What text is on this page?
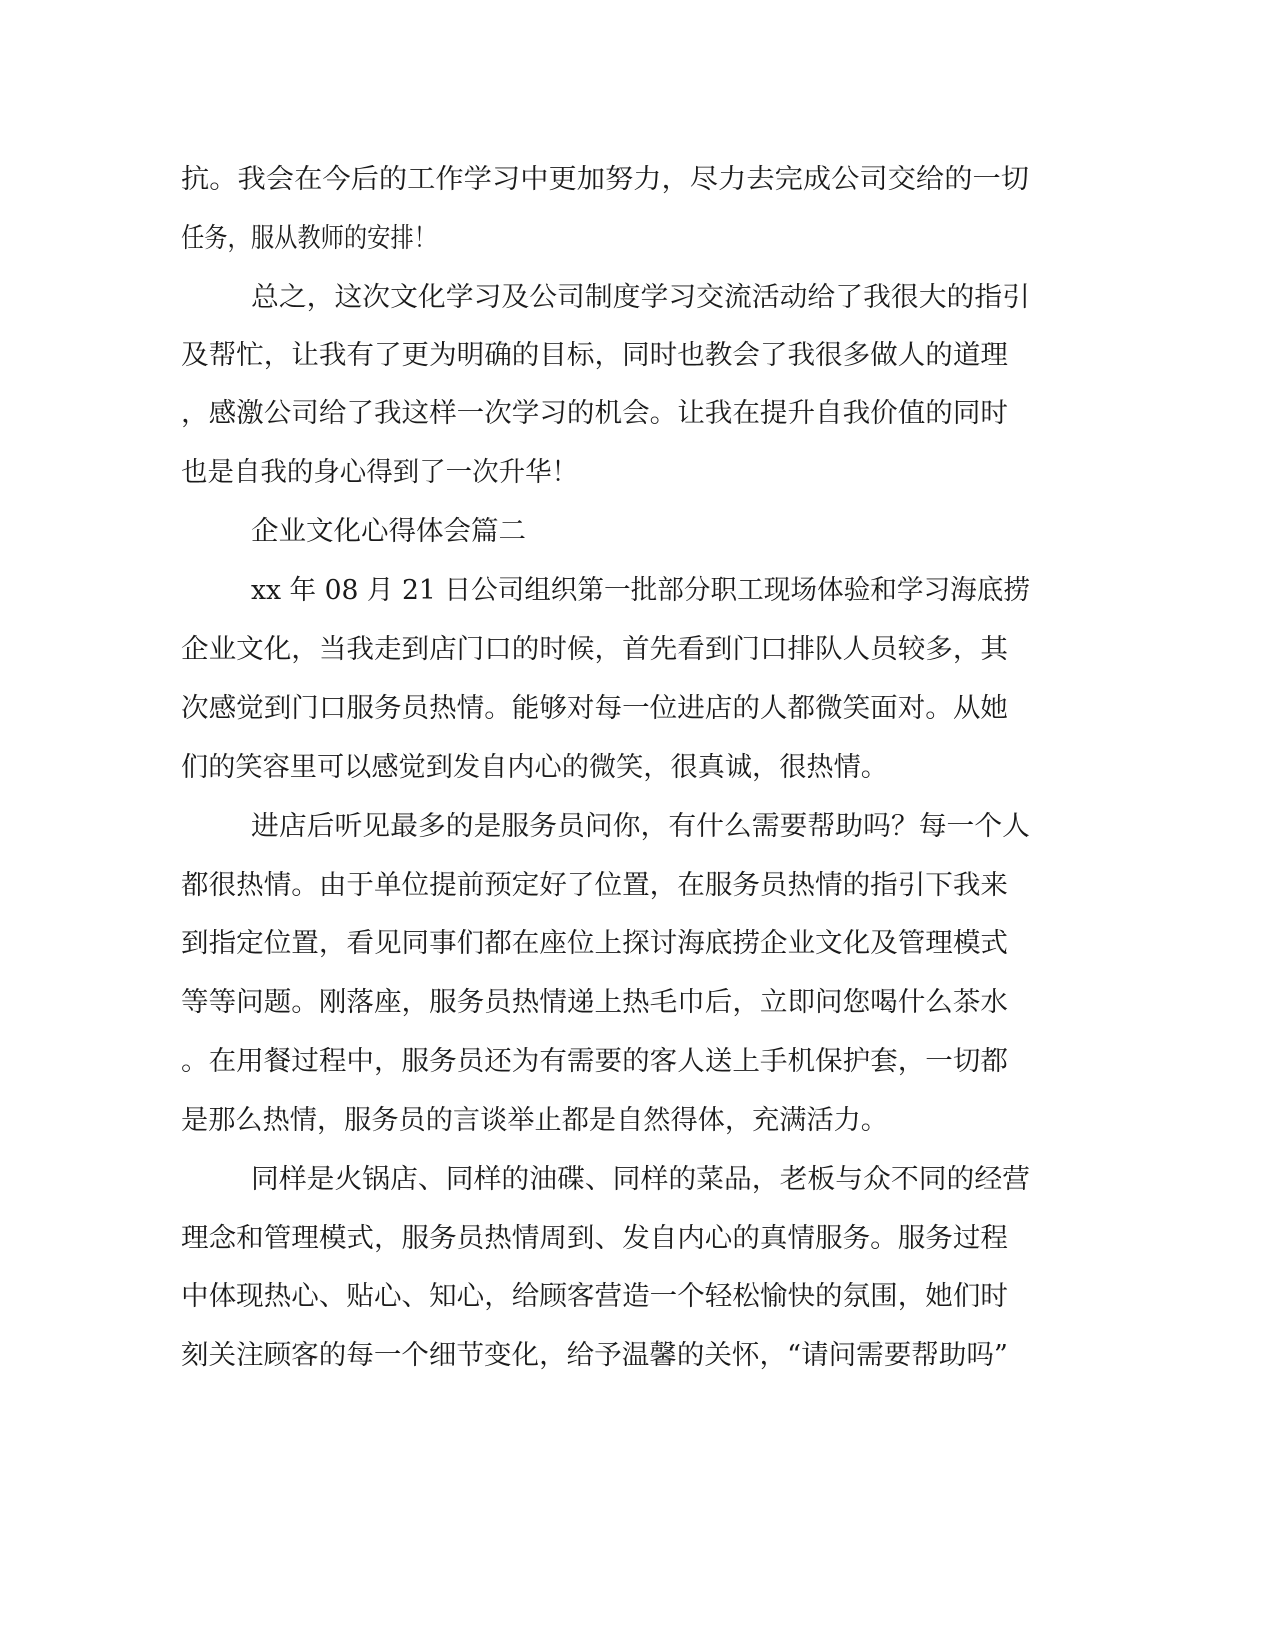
抗。我会在今后的工作学习中更加努力，尽力去完成公司交给的一切
任务，服从教师的安排！
总之，这次文化学习及公司制度学习交流活动给了我很大的指引
及帮忙，让我有了更为明确的目标，同时也教会了我很多做人的道理
，感激公司给了我这样一次学习的机会。让我在提升自我价值的同时
也是自我的身心得到了一次升华！
企业文化心得体会篇二
xx 年 08 月 21 日公司组织第一批部分职工现场体验和学习海底捞
企业文化，当我走到店门口的时候，首先看到门口排队人员较多，其
次感觉到门口服务员热情。能够对每一位进店的人都微笑面对。从她
们的笑容里可以感觉到发自内心的微笑，很真诚，很热情。
进店后听见最多的是服务员问你，有什么需要帮助吗？每一个人
都很热情。由于单位提前预定好了位置，在服务员热情的指引下我来
到指定位置，看见同事们都在座位上探讨海底捞企业文化及管理模式
等等问题。刚落座，服务员热情递上热毛巾后，立即问您喝什么茶水
。在用餐过程中，服务员还为有需要的客人送上手机保护套，一切都
是那么热情，服务员的言谈举止都是自然得体，充满活力。
同样是火锅店、同样的油碟、同样的菜品，老板与众不同的经营
理念和管理模式，服务员热情周到、发自内心的真情服务。服务过程
中体现热心、贴心、知心，给顾客营造一个轻松愉快的氛围，她们时
刻关注顾客的每一个细节变化，给予温馨的关怀，“请问需要帮助吗”
